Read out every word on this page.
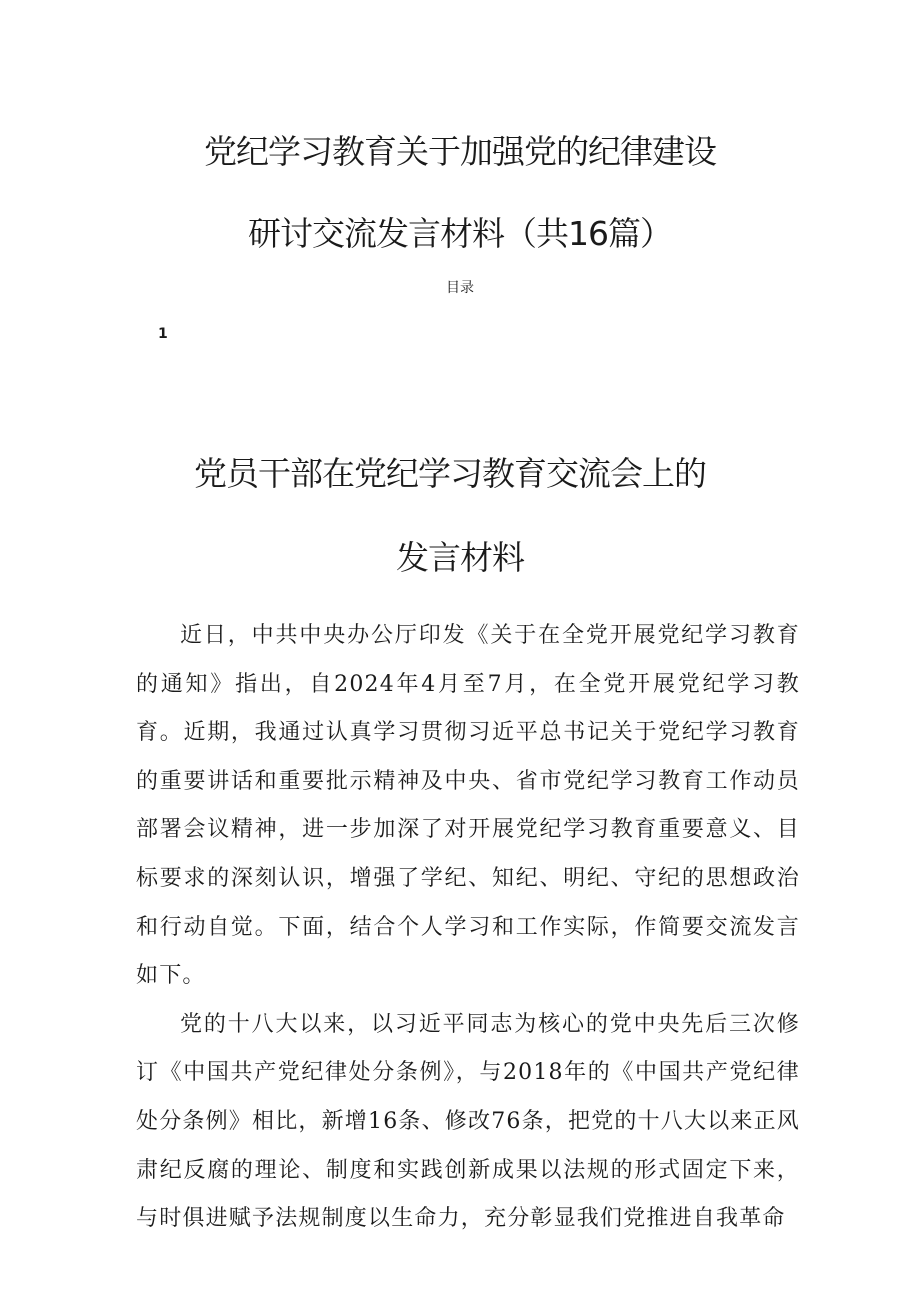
党纪学习教育关于加强党的纪律建设
研讨交流发言材料（共16篇）
目录
1
党员干部在党纪学习教育交流会上的
发言材料

近日，中共中央办公厅印发《关于在全党开展党纪学习教育的通知》指出，自2024年4月至7月，在全党开展党纪学习教育。近期，我通过认真学习贯彻习近平总书记关于党纪学习教育的重要讲话和重要批示精神及中央、省市党纪学习教育工作动员部署会议精神，进一步加深了对开展党纪学习教育重要意义、目标要求的深刻认识，增强了学纪、知纪、明纪、守纪的思想政治和行动自觉。下面，结合个人学习和工作实际，作简要交流发言如下。

党的十八大以来，以习近平同志为核心的党中央先后三次修订《中国共产党纪律处分条例》，与2018年的《中国共产党纪律处分条例》相比，新增16条、修改76条，把党的十八大以来正风肃纪反腐的理论、制度和实践创新成果以法规的形式固定下来，与时俱进赋予法规制度以生命力，充分彰显我们党推进自我革命
